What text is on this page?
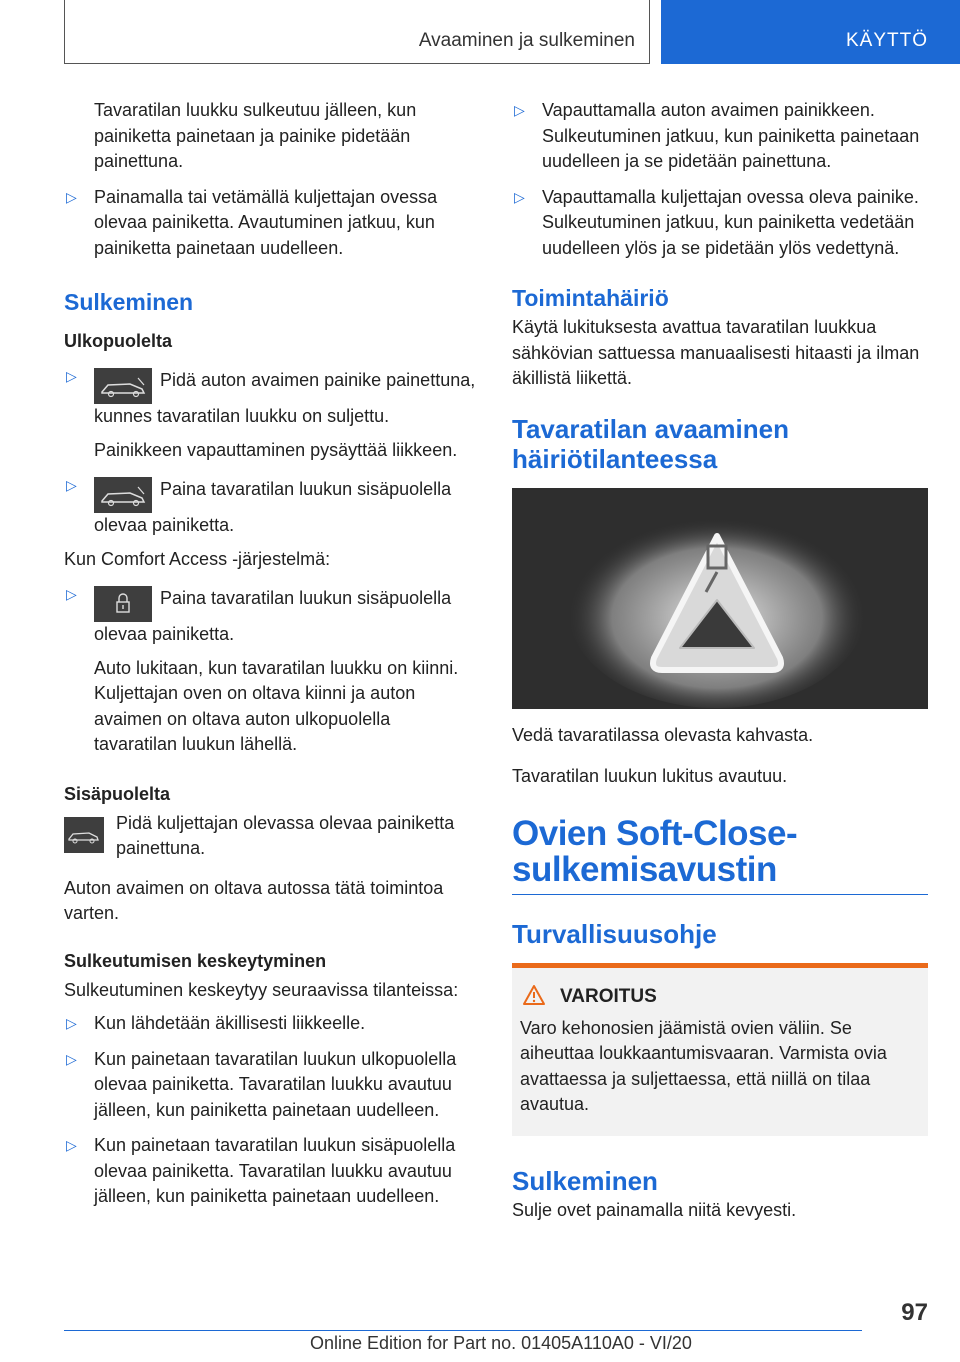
Avaaminen ja sulkeminen	KÄYTTÖ

Tavaratilan luukku sulkeutuu jälleen, kun painiketta painetaan ja painike pidetään painettuna.

▷ Painamalla tai vetämällä kuljettajan ovessa olevaa painiketta. Avautuminen jatkuu, kun painiketta painetaan uudelleen.

Sulkeminen
Ulkopuolelta

▷ Pidä auton avaimen painike painettuna, kunnes tavaratilan luukku on suljettu.

Painikkeen vapauttaminen pysäyttää liikkeen.

▷ Paina tavaratilan luukun sisäpuolella olevaa painiketta.

Kun Comfort Access -järjestelmä:

▷ Paina tavaratilan luukun sisäpuolella olevaa painiketta.

Auto lukitaan, kun tavaratilan luukku on kiinni. Kuljettajan oven on oltava kiinni ja auton avaimen on oltava auton ulkopuolella tavaratilan luukun lähellä.

Sisäpuolelta

Pidä kuljettajan olevassa olevaa painiketta painettuna.

Auton avaimen on oltava autossa tätä toimintoa varten.

Sulkeutumisen keskeytyminen

Sulkeutuminen keskeytyy seuraavissa tilanteissa:

▷ Kun lähdetään äkillisesti liikkeelle.

▷ Kun painetaan tavaratilan luukun ulkopuolella olevaa painiketta. Tavaratilan luukku avautuu jälleen, kun painiketta painetaan uudelleen.

▷ Kun painetaan tavaratilan luukun sisäpuolella olevaa painiketta. Tavaratilan luukku avautuu jälleen, kun painiketta painetaan uudelleen.

▷ Vapauttamalla auton avaimen painikkeen. Sulkeutuminen jatkuu, kun painiketta painetaan uudelleen ja se pidetään painettuna.

▷ Vapauttamalla kuljettajan ovessa oleva painike. Sulkeutuminen jatkuu, kun painiketta vedetään uudelleen ylös ja se pidetään ylös vedettynä.

Toimintahäiriö

Käytä lukituksesta avattua tavaratilan luukkua sähkövian sattuessa manuaalisesti hitaasti ja ilman äkillistä liikettä.

Tavaratilan avaaminen häiriötilanteessa

Vedä tavaratilassa olevasta kahvasta.

Tavaratilan luukun lukitus avautuu.

Ovien Soft-Close-sulkemisavustin
Turvallisuusohje
VAROITUS

Varo kehonosien jäämistä ovien väliin. Se aiheuttaa loukkaantumisvaaran. Varmista ovia avattaessa ja suljettaessa, että niillä on tilaa avautua.

Sulkeminen

Sulje ovet painamalla niitä kevyesti.

97
Online Edition for Part no. 01405A110A0 - VI/20
